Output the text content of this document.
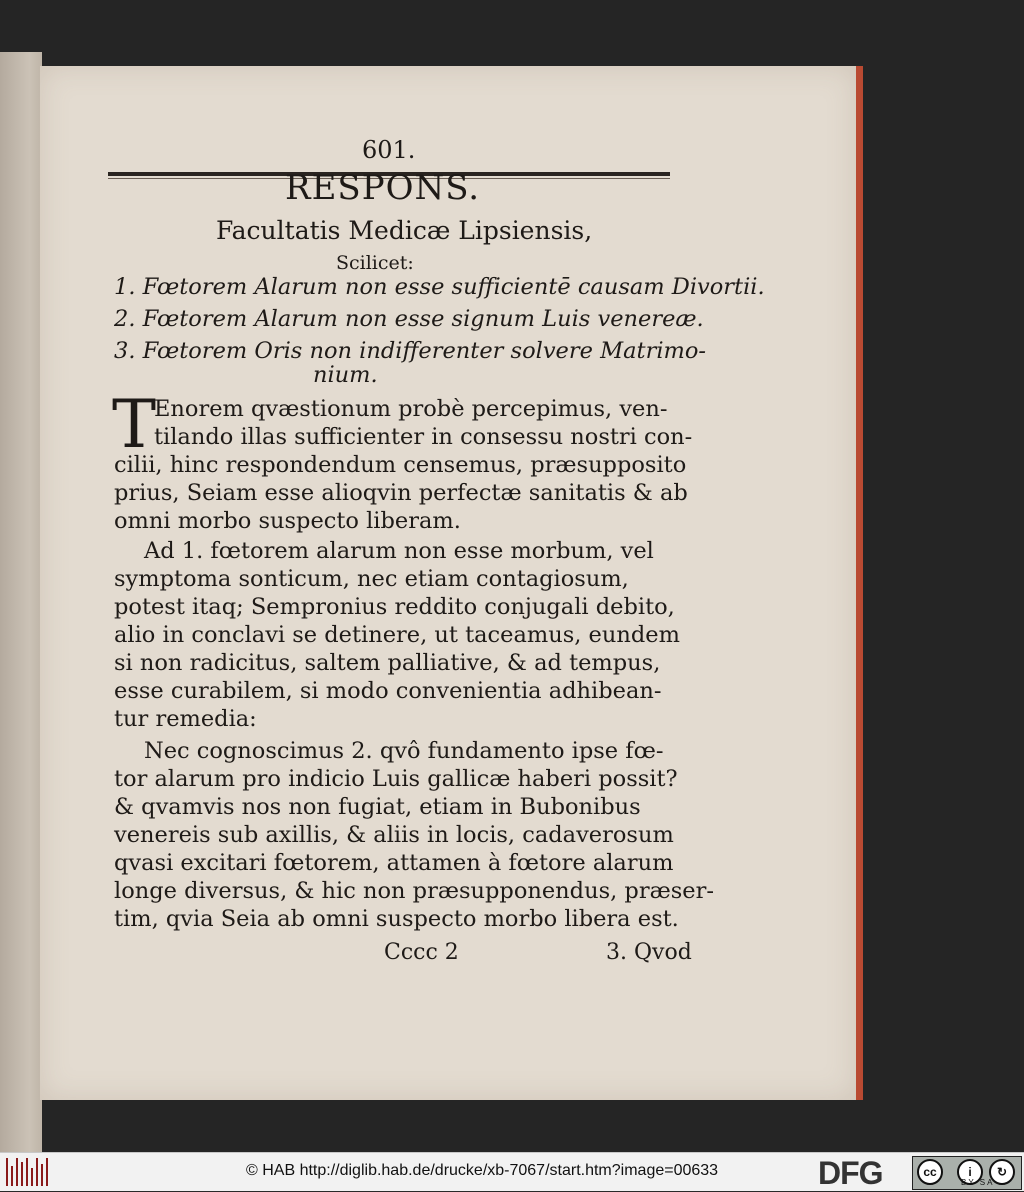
601.
RESPONS.
Facultatis Medicæ Lipsiensis,
Scilicet:
1. Fœtorem Alarum non esse sufficientē causam Divortii.
2. Fœtorem Alarum non esse signum Luis venereæ.
3. Fœtorem Oris non indifferenter solvere Matrimo-
nium.
T
Enorem qvæstionum probè percepimus, ven-
tilando illas sufficienter in consessu nostri con-
cilii, hinc respondendum censemus, præsupposito
prius, Seiam esse alioqvin perfectæ sanitatis & ab
omni morbo suspecto liberam.
Ad 1. fœtorem alarum non esse morbum, vel
symptoma sonticum, nec etiam contagiosum,
potest itaq; Sempronius reddito conjugali debito,
alio in conclavi se detinere, ut taceamus, eundem
si non radicitus, saltem palliative, & ad tempus,
esse curabilem, si modo convenientia adhibean-
tur remedia:
Nec cognoscimus 2. qvô fundamento ipse fœ-
tor alarum pro indicio Luis gallicæ haberi possit?
& qvamvis nos non fugiat, etiam in Bubonibus
venereis sub axillis, & aliis in locis, cadaverosum
qvasi excitari fœtorem, attamen à fœtore alarum
longe diversus, & hic non præsupponendus, præser-
tim, qvia Seia ab omni suspecto morbo libera est.
Cccc 2	3. Qvod
© HAB http://diglib.hab.de/drucke/xb-7067/start.htm?image=00633	DFG	cc	i	↻
BY SA
